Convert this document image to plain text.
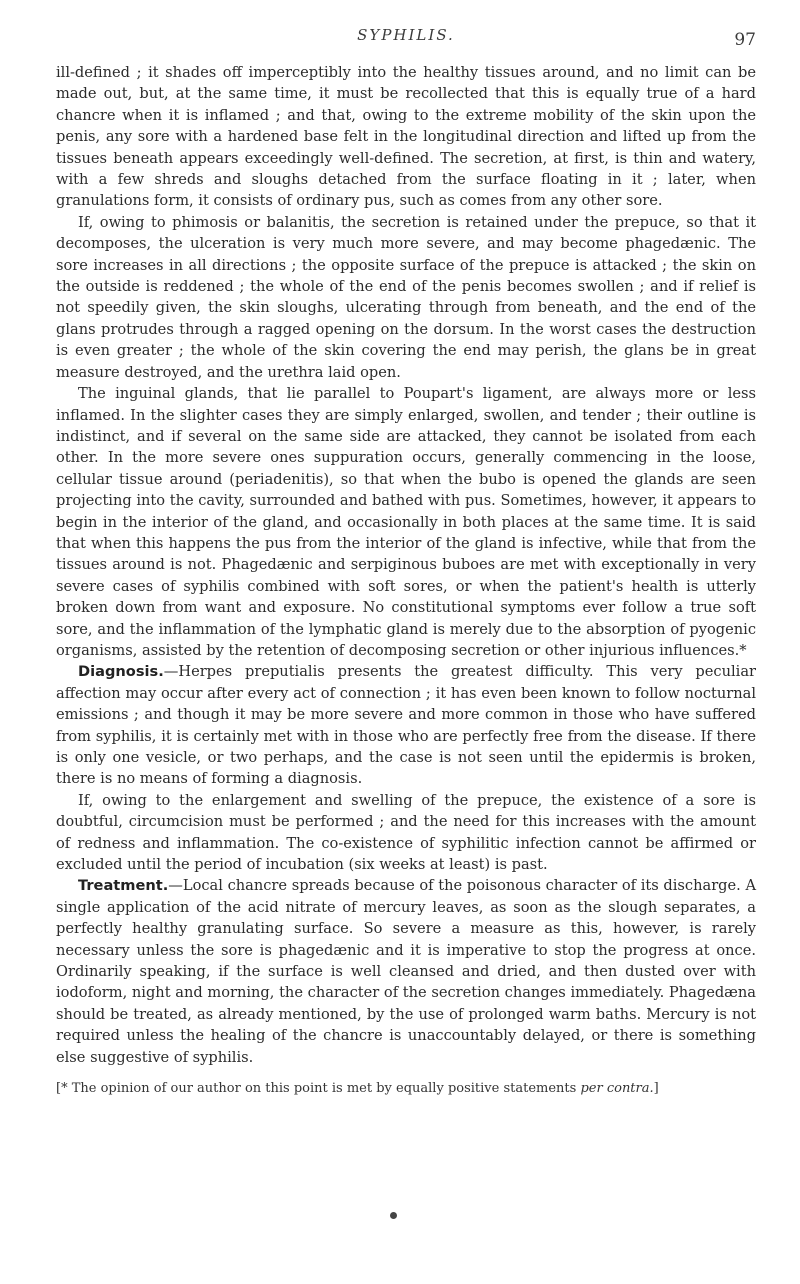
SYPHILIS.	97

ill-defined ; it shades off imperceptibly into the healthy tissues around, and no limit can be made out, but, at the same time, it must be recollected that this is equally true of a hard chancre when it is inflamed ; and that, owing to the extreme mobility of the skin upon the penis, any sore with a hardened base felt in the longitudinal direction and lifted up from the tissues beneath appears exceedingly well-defined. The secretion, at first, is thin and watery, with a few shreds and sloughs detached from the surface floating in it ; later, when granulations form, it consists of ordinary pus, such as comes from any other sore.

If, owing to phimosis or balanitis, the secretion is retained under the prepuce, so that it decomposes, the ulceration is very much more severe, and may become phagedænic. The sore increases in all directions ; the opposite surface of the prepuce is attacked ; the skin on the outside is reddened ; the whole of the end of the penis becomes swollen ; and if relief is not speedily given, the skin sloughs, ulcerating through from beneath, and the end of the glans protrudes through a ragged opening on the dorsum. In the worst cases the destruction is even greater ; the whole of the skin covering the end may perish, the glans be in great measure destroyed, and the urethra laid open.

The inguinal glands, that lie parallel to Poupart's ligament, are always more or less inflamed. In the slighter cases they are simply enlarged, swollen, and tender ; their outline is indistinct, and if several on the same side are attacked, they cannot be isolated from each other. In the more severe ones suppuration occurs, generally commencing in the loose, cellular tissue around (periadenitis), so that when the bubo is opened the glands are seen projecting into the cavity, surrounded and bathed with pus. Sometimes, however, it appears to begin in the interior of the gland, and occasionally in both places at the same time. It is said that when this happens the pus from the interior of the gland is infective, while that from the tissues around is not. Phagedænic and serpiginous buboes are met with exceptionally in very severe cases of syphilis combined with soft sores, or when the patient's health is utterly broken down from want and exposure. No constitutional symptoms ever follow a true soft sore, and the inflammation of the lymphatic gland is merely due to the absorption of pyogenic organisms, assisted by the retention of decomposing secretion or other injurious influences.*

Diagnosis.—Herpes preputialis presents the greatest difficulty. This very peculiar affection may occur after every act of connection ; it has even been known to follow nocturnal emissions ; and though it may be more severe and more common in those who have suffered from syphilis, it is certainly met with in those who are perfectly free from the disease. If there is only one vesicle, or two perhaps, and the case is not seen until the epidermis is broken, there is no means of forming a diagnosis.

If, owing to the enlargement and swelling of the prepuce, the existence of a sore is doubtful, circumcision must be performed ; and the need for this increases with the amount of redness and inflammation. The co-existence of syphilitic infection cannot be affirmed or excluded until the period of incubation (six weeks at least) is past.

Treatment.—Local chancre spreads because of the poisonous character of its discharge. A single application of the acid nitrate of mercury leaves, as soon as the slough separates, a perfectly healthy granulating surface. So severe a measure as this, however, is rarely necessary unless the sore is phagedænic and it is imperative to stop the progress at once. Ordinarily speaking, if the surface is well cleansed and dried, and then dusted over with iodoform, night and morning, the character of the secretion changes immediately. Phagedæna should be treated, as already mentioned, by the use of prolonged warm baths. Mercury is not required unless the healing of the chancre is unaccountably delayed, or there is something else suggestive of syphilis.

[* The opinion of our author on this point is met by equally positive statements per contra.]
